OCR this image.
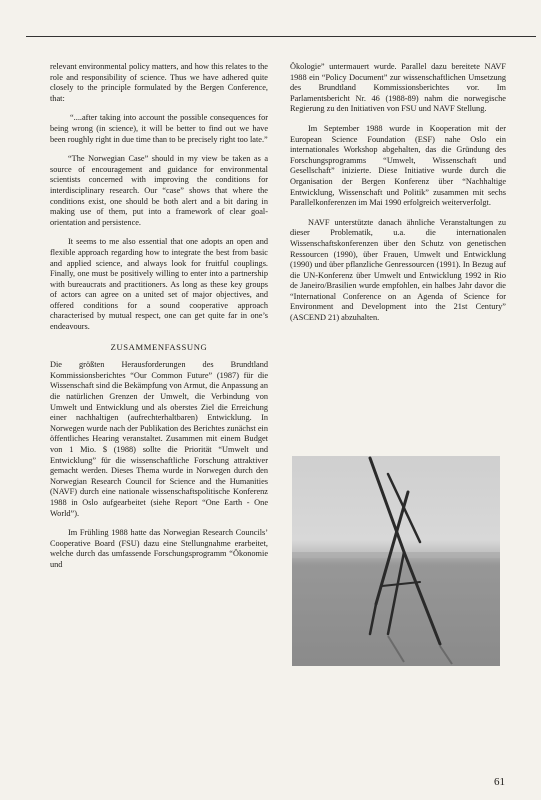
relevant environmental policy matters, and how this relates to the role and responsibility of science. Thus we have adhered quite closely to the principle formulated by the Bergen Conference, that:

“....after taking into account the possible consequences for being wrong (in science), it will be better to find out we have been roughly right in due time than to be precisely right too late.”

“The Norwegian Case” should in my view be taken as a source of encouragement and guidance for environmental scientists concerned with improving the conditions for interdisciplinary research. Our “case” shows that where the conditions exist, one should be both alert and a bit daring in making use of them, put into a framework of clear goal-orientation and persistence.

It seems to me also essential that one adopts an open and flexible approach regarding how to integrate the best from basic and applied science, and always look for fruitful couplings. Finally, one must be positively willing to enter into a partnership with bureaucrats and practitioners. As long as these key groups of actors can agree on a united set of major objectives, and offered conditions for a sound cooperative approach characterised by mutual respect, one can get quite far in one’s endeavours.

ZUSAMMENFASSUNG

Die größten Herausforderungen des Brundtland Kommissionsberichtes “Our Common Future” (1987) für die Wissenschaft sind die Bekämpfung von Armut, die Anpassung an die natürlichen Grenzen der Umwelt, die Verbindung von Umwelt und Entwicklung und als oberstes Ziel die Erreichung einer nachhaltigen (aufrechterhaltbaren) Entwicklung. In Norwegen wurde nach der Publikation des Berichtes zunächst ein öffentliches Hearing veranstaltet. Zusammen mit einem Budget von 1 Mio. $ (1988) sollte die Priorität “Umwelt und Entwicklung” für die wissenschaftliche Forschung attraktiver gemacht werden. Dieses Thema wurde in Norwegen durch den Norwegian Research Council for Science and the Humanities (NAVF) durch eine nationale wissenschaftspolitische Konferenz 1988 in Oslo aufgearbeitet (siehe Report “One Earth - One World”).

Im Frühling 1988 hatte das Norwegian Research Councils’ Cooperative Board (FSU) dazu eine Stellungnahme erarbeitet, welche durch das umfassende Forschungsprogramm “Ökonomie und

Ökologie” untermauert wurde. Parallel dazu bereitete NAVF 1988 ein “Policy Document” zur wissenschaftlichen Umsetzung des Brundtland Kommissionsberichtes vor. Im Parlamentsbericht Nr. 46 (1988-89) nahm die norwegische Regierung zu den Initiativen von FSU und NAVF Stellung.

Im September 1988 wurde in Kooperation mit der European Science Foundation (ESF) nahe Oslo ein internationales Workshop abgehalten, das die Gründung des Forschungsprogramms “Umwelt, Wissenschaft und Gesellschaft” inizierte. Diese Initiative wurde durch die Organisation der Bergen Konferenz über “Nachhaltige Entwicklung, Wissenschaft und Politik” zusammen mit sechs Parallelkonferenzen im Mai 1990 erfolgreich weiterverfolgt.

NAVF unterstützte danach ähnliche Veranstaltungen zu dieser Problematik, u.a. die internationalen Wissenschaftskonferenzen über den Schutz von genetischen Ressourcen (1990), über Frauen, Umwelt und Entwicklung (1990) und über pflanzliche Genressourcen (1991). In Bezug auf die UN-Konferenz über Umwelt und Entwicklung 1992 in Rio de Janeiro/Brasilien wurde empfohlen, ein halbes Jahr davor die “International Conference on an Agenda of Science for Environment and Development into the 21st Century” (ASCEND 21) abzuhalten.

61
